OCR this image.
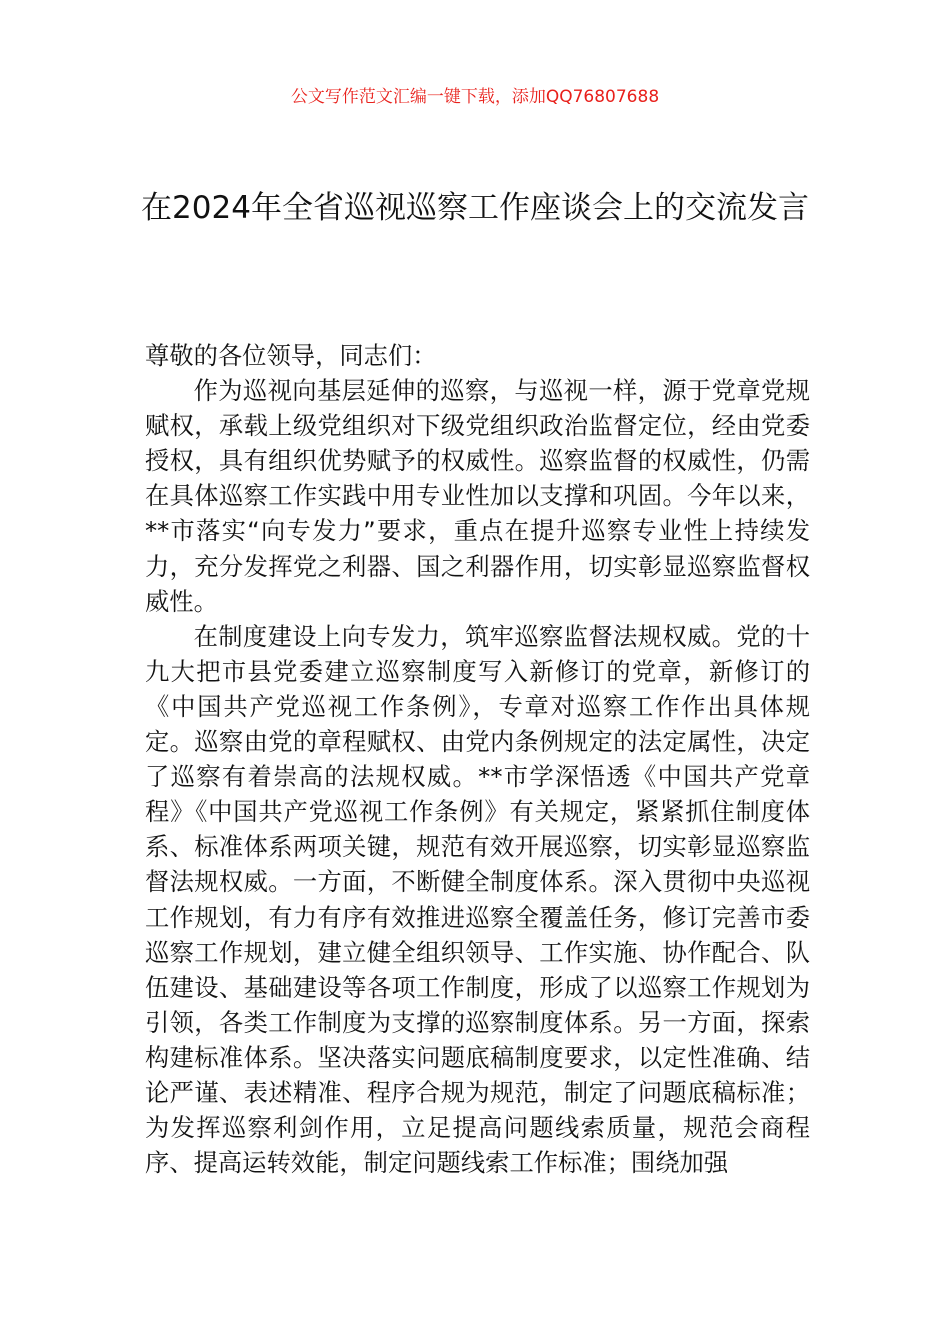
公文写作范文汇编一键下载，添加QQ76807688
在2024年全省巡视巡察工作座谈会上的交流发言

尊敬的各位领导，同志们：

作为巡视向基层延伸的巡察，与巡视一样，源于党章党规赋权，承载上级党组织对下级党组织政治监督定位，经由党委授权，具有组织优势赋予的权威性。巡察监督的权威性，仍需在具体巡察工作实践中用专业性加以支撑和巩固。今年以来，**市落实“向专发力”要求，重点在提升巡察专业性上持续发力，充分发挥党之利器、国之利器作用，切实彰显巡察监督权威性。

在制度建设上向专发力，筑牢巡察监督法规权威。党的十九大把市县党委建立巡察制度写入新修订的党章，新修订的《中国共产党巡视工作条例》，专章对巡察工作作出具体规定。巡察由党的章程赋权、由党内条例规定的法定属性，决定了巡察有着崇高的法规权威。**市学深悟透《中国共产党章程》《中国共产党巡视工作条例》有关规定，紧紧抓住制度体系、标准体系两项关键，规范有效开展巡察，切实彰显巡察监督法规权威。一方面，不断健全制度体系。深入贯彻中央巡视工作规划，有力有序有效推进巡察全覆盖任务，修订完善市委巡察工作规划，建立健全组织领导、工作实施、协作配合、队伍建设、基础建设等各项工作制度，形成了以巡察工作规划为引领，各类工作制度为支撑的巡察制度体系。另一方面，探索构建标准体系。坚决落实问题底稿制度要求，以定性准确、结论严谨、表述精准、程序合规为规范，制定了问题底稿标准；为发挥巡察利剑作用，立足提高问题线索质量，规范会商程序、提高运转效能，制定问题线索工作标准；围绕加强
